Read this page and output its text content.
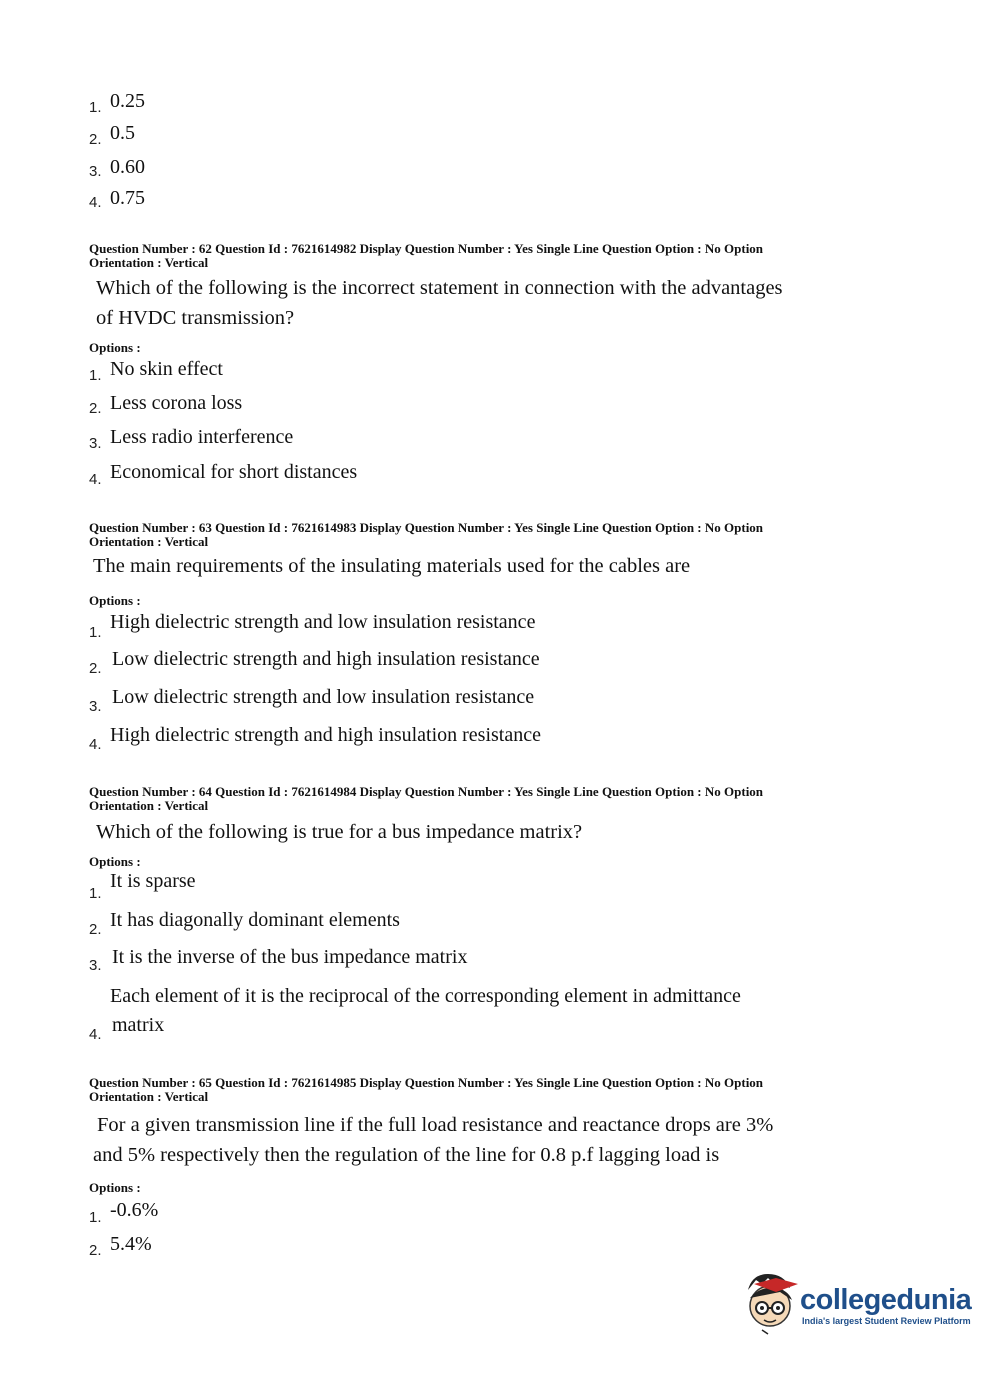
1. 0.25
2. 0.5
3. 0.60
4. 0.75
Question Number : 62 Question Id : 7621614982 Display Question Number : Yes Single Line Question Option : No Option
Orientation : Vertical
Which of the following is the incorrect statement in connection with the advantages
of HVDC transmission?
Options :
1. No skin effect
2. Less corona loss
3. Less radio interference
4. Economical for short distances
Question Number : 63 Question Id : 7621614983 Display Question Number : Yes Single Line Question Option : No Option
Orientation : Vertical
The main requirements of the insulating materials used for the cables are
Options :
1. High dielectric strength and low insulation resistance
2. Low dielectric strength and high insulation resistance
3. Low dielectric strength and low insulation resistance
4. High dielectric strength and high insulation resistance
Question Number : 64 Question Id : 7621614984 Display Question Number : Yes Single Line Question Option : No Option
Orientation : Vertical
Which of the following is true for a bus impedance matrix?
Options :
1.
It is sparse
2. It has diagonally dominant elements
3. It is the inverse of the bus impedance matrix
Each element of it is the reciprocal of the corresponding element in admittance
matrix
4.
Question Number : 65 Question Id : 7621614985 Display Question Number : Yes Single Line Question Option : No Option
Orientation : Vertical
For a given transmission line if the full load resistance and reactance drops are 3%
and 5% respectively then the regulation of the line for 0.8 p.f lagging load is
Options :
1. -0.6%
2. 5.4%
collegedunia
India's largest Student Review Platform
